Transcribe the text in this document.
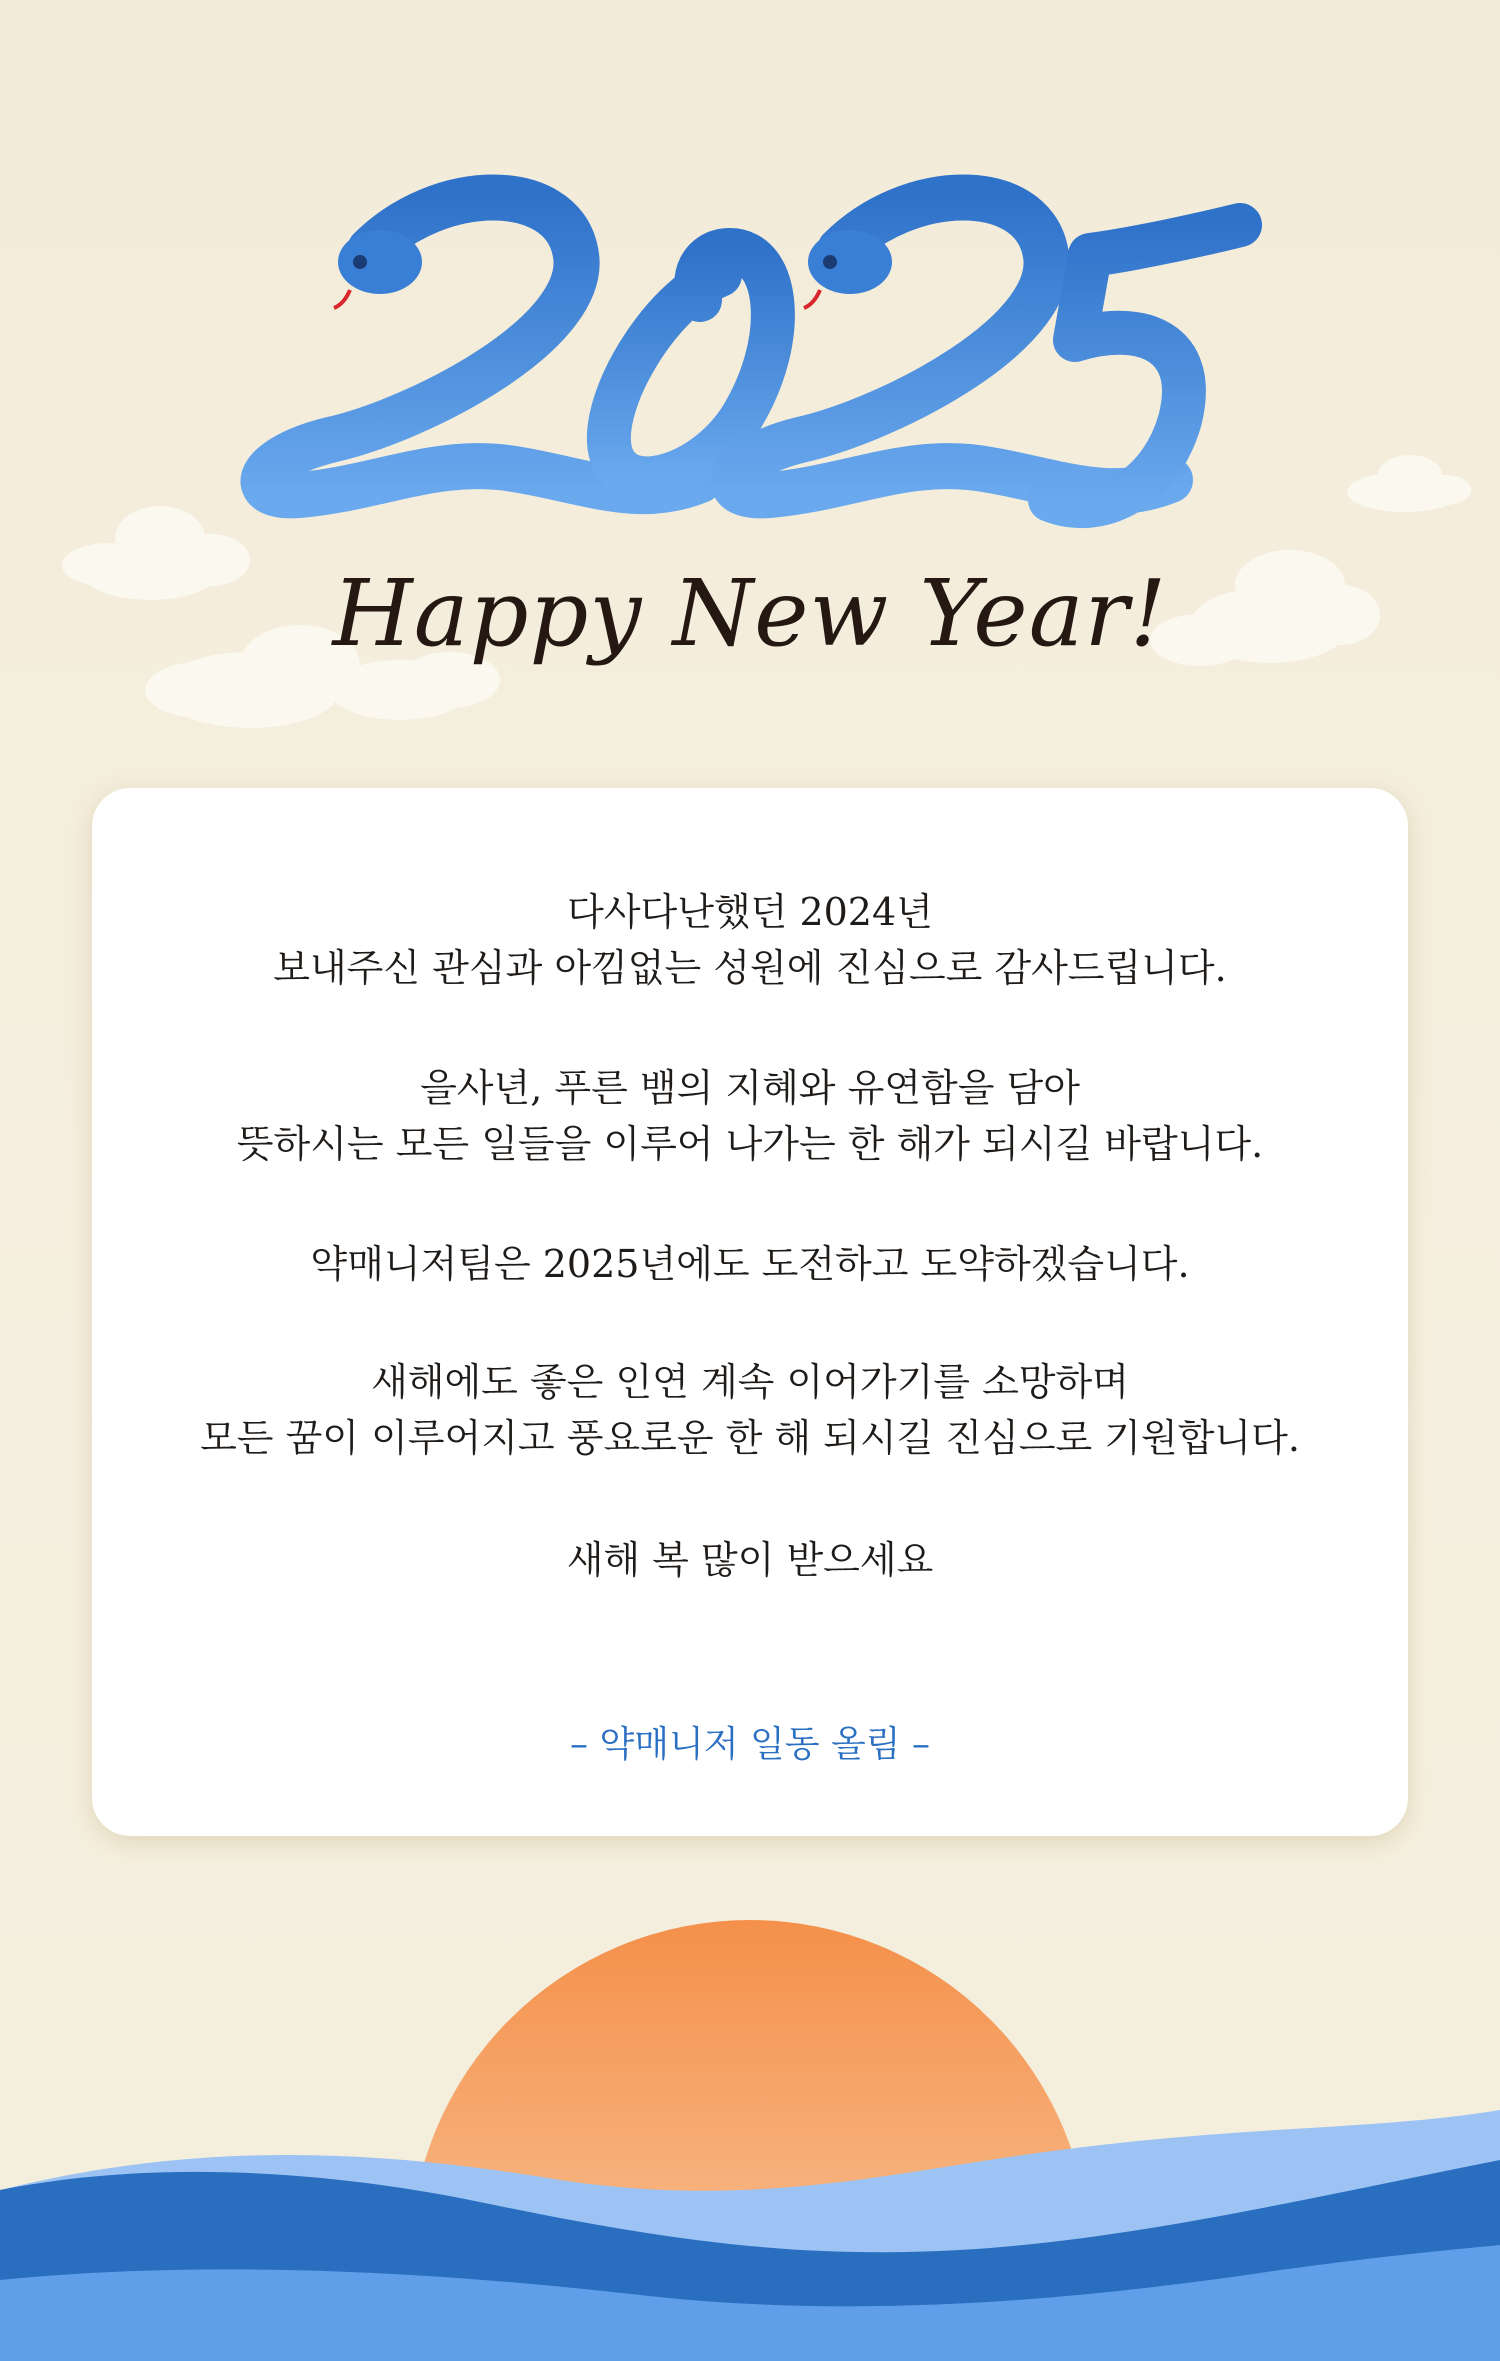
Happy New Year!
다사다난했던 2024년
보내주신 관심과 아낌없는 성원에 진심으로 감사드립니다.
을사년, 푸른 뱀의 지혜와 유연함을 담아
뜻하시는 모든 일들을 이루어 나가는 한 해가 되시길 바랍니다.
약매니저팀은 2025년에도 도전하고 도약하겠습니다.
새해에도 좋은 인연 계속 이어가기를 소망하며
모든 꿈이 이루어지고 풍요로운 한 해 되시길 진심으로 기원합니다.
새해 복 많이 받으세요
– 약매니저 일동 올림 –
